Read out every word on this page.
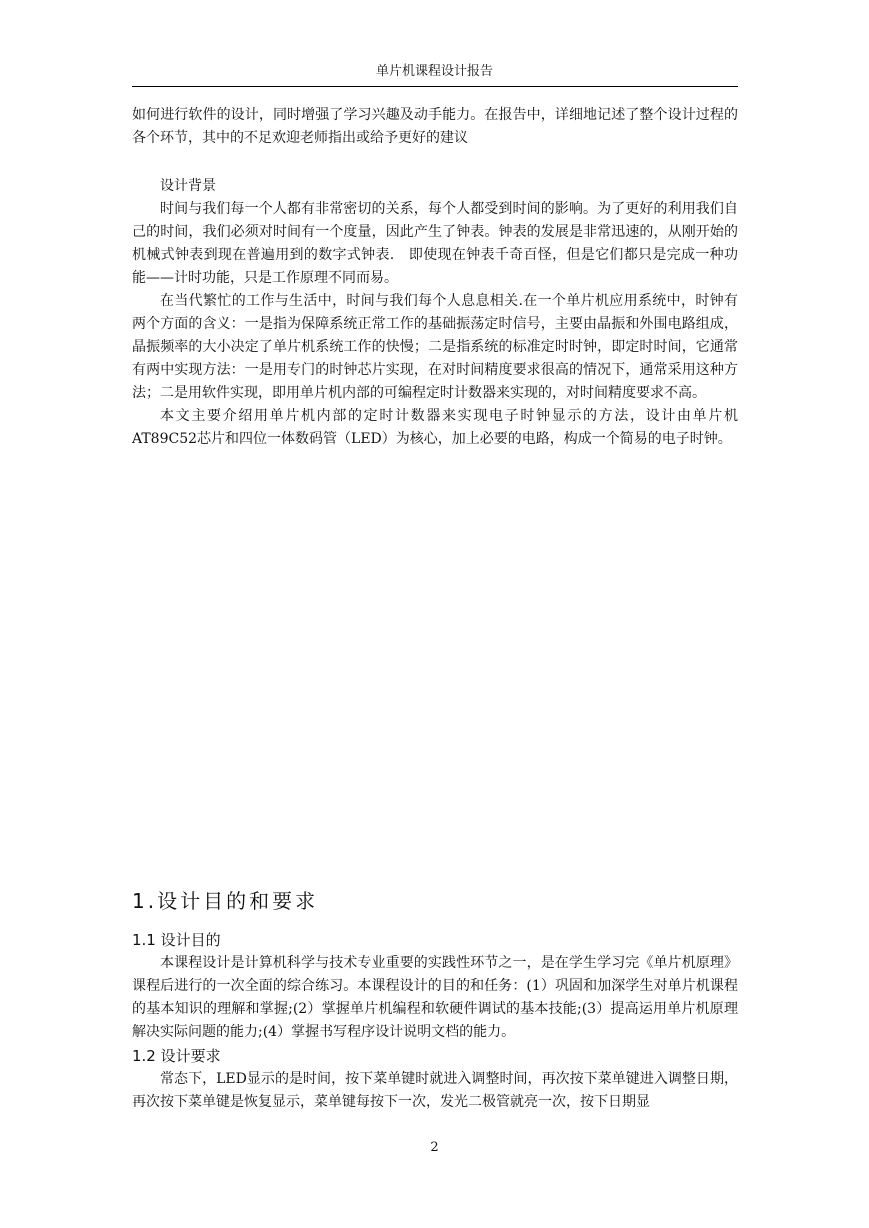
单片机课程设计报告

如何进行软件的设计，同时增强了学习兴趣及动手能力。在报告中，详细地记述了整个设计过程的各个环节，其中的不足欢迎老师指出或给予更好的建议

设计背景

时间与我们每一个人都有非常密切的关系，每个人都受到时间的影响。为了更好的利用我们自己的时间，我们必须对时间有一个度量，因此产生了钟表。钟表的发展是非常迅速的，从刚开始的机械式钟表到现在普遍用到的数字式钟表.　即使现在钟表千奇百怪，但是它们都只是完成一种功能——计时功能，只是工作原理不同而易。

在当代繁忙的工作与生活中，时间与我们每个人息息相关.在一个单片机应用系统中，时钟有两个方面的含义：一是指为保障系统正常工作的基础振荡定时信号，主要由晶振和外围电路组成，晶振频率的大小决定了单片机系统工作的快慢；二是指系统的标准定时时钟，即定时时间，它通常有两中实现方法：一是用专门的时钟芯片实现，在对时间精度要求很高的情况下，通常采用这种方法；二是用软件实现，即用单片机内部的可编程定时计数器来实现的，对时间精度要求不高。

本文主要介绍用单片机内部的定时计数器来实现电子时钟显示的方法，设计由单片机AT89C52芯片和四位一体数码管（LED）为核心，加上必要的电路，构成一个简易的电子时钟。

1.设计目的和要求
1.1 设计目的

本课程设计是计算机科学与技术专业重要的实践性环节之一，是在学生学习完《单片机原理》课程后进行的一次全面的综合练习。本课程设计的目的和任务：(1）巩固和加深学生对单片机课程的基本知识的理解和掌握;(2）掌握单片机编程和软硬件调试的基本技能;(3）提高运用单片机原理解决实际问题的能力;(4）掌握书写程序设计说明文档的能力。

1.2 设计要求

常态下，LED显示的是时间，按下菜单键时就进入调整时间，再次按下菜单键进入调整日期，再次按下菜单键是恢复显示，菜单键每按下一次，发光二极管就亮一次，按下日期显

2
